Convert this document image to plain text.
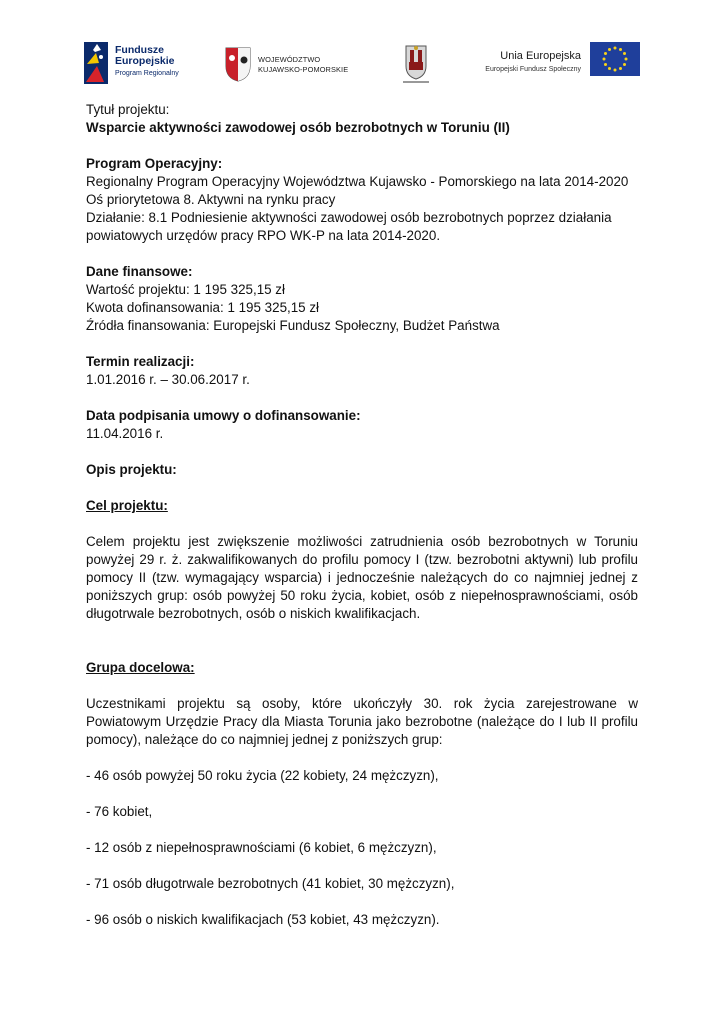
Fundusze
Europejskie
Program Regionalny
WOJEWÓDZTWO
KUJAWSKO-POMORSKIE
Unia Europejska
Europejski Fundusz Społeczny

Tytuł projektu:

Wsparcie aktywności zawodowej osób bezrobotnych w Toruniu (II)

Program Operacyjny:

Regionalny Program Operacyjny Województwa Kujawsko - Pomorskiego na lata 2014-2020

Oś priorytetowa 8. Aktywni na rynku pracy

Działanie: 8.1 Podniesienie aktywności zawodowej osób bezrobotnych poprzez działania

powiatowych urzędów pracy RPO WK-P na lata 2014-2020.

Dane finansowe:

Wartość projektu: 1 195 325,15 zł

Kwota dofinansowania: 1 195 325,15 zł

Źródła finansowania: Europejski Fundusz Społeczny, Budżet Państwa

Termin realizacji:

1.01.2016 r. – 30.06.2017 r.

Data podpisania umowy o dofinansowanie:

11.04.2016 r.

Opis projektu:

Cel projektu:

Celem projektu jest zwiększenie możliwości zatrudnienia osób bezrobotnych w Toruniu powyżej 29 r. ż. zakwalifikowanych do profilu pomocy I (tzw. bezrobotni aktywni) lub profilu pomocy II (tzw. wymagający wsparcia) i jednocześnie należących do co najmniej jednej z poniższych grup: osób powyżej 50 roku życia, kobiet, osób z niepełnosprawnościami, osób długotrwale bezrobotnych, osób o niskich kwalifikacjach.

Grupa docelowa:

Uczestnikami projektu są osoby, które ukończyły 30. rok życia zarejestrowane w Powiatowym Urzędzie Pracy dla Miasta Torunia jako bezrobotne (należące do I lub II profilu pomocy), należące do co najmniej jednej z poniższych grup:

- 46 osób powyżej 50 roku życia (22 kobiety, 24 mężczyzn),

- 76 kobiet,

- 12 osób z niepełnosprawnościami (6 kobiet, 6 mężczyzn),

- 71 osób długotrwale bezrobotnych (41 kobiet, 30 mężczyzn),

- 96 osób o niskich kwalifikacjach (53 kobiet, 43 mężczyzn).
